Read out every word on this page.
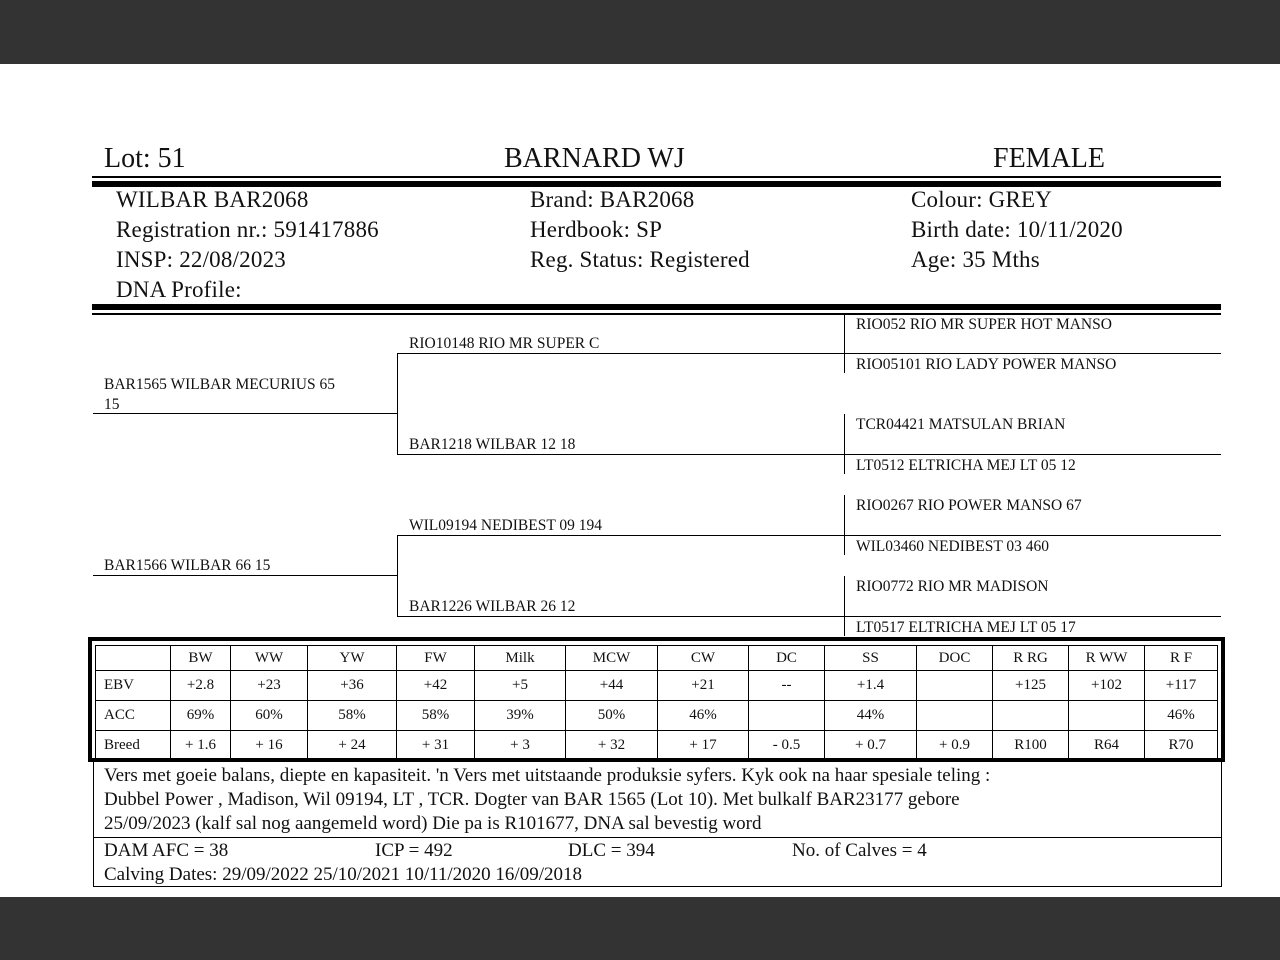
Lot: 51	BARNARD WJ	FEMALE
WILBAR BAR2068
Registration nr.: 591417886
INSP: 22/08/2023
DNA Profile:
Brand: BAR2068
Herdbook: SP
Reg. Status: Registered
Colour: GREY
Birth date: 10/11/2020
Age: 35 Mths
BAR1565 WILBAR MECURIUS 65
15
BAR1566 WILBAR 66 15
RIO10148 RIO MR SUPER C
BAR1218 WILBAR 12 18
WIL09194 NEDIBEST 09 194
BAR1226 WILBAR 26 12
RIO052 RIO MR SUPER HOT MANSO
RIO05101 RIO LADY POWER MANSO
TCR04421 MATSULAN BRIAN
LT0512 ELTRICHA MEJ LT 05 12
RIO0267 RIO POWER MANSO 67
WIL03460 NEDIBEST 03 460
RIO0772 RIO MR MADISON
LT0517 ELTRICHA MEJ LT 05 17
	BW	WW	YW	FW	Milk	MCW	CW	DC	SS	DOC	R RG	R WW	R F
EBV	+2.8	+23	+36	+42	+5	+44	+21	--	+1.4		+125	+102	+117
ACC	69%	60%	58%	58%	39%	50%	46%		44%				46%
Breed	+ 1.6	+ 16	+ 24	+ 31	+ 3	+ 32	+ 17	- 0.5	+ 0.7	+ 0.9	R100	R64	R70
Vers met goeie balans, diepte en kapasiteit. 'n Vers met uitstaande produksie syfers. Kyk ook na haar spesiale teling :
Dubbel Power , Madison, Wil 09194, LT , TCR. Dogter van BAR 1565 (Lot 10). Met bulkalf BAR23177 gebore
25/09/2023 (kalf sal nog aangemeld word) Die pa is R101677, DNA sal bevestig word
DAM AFC = 38	ICP = 492	DLC = 394	No. of Calves = 4
Calving Dates: 29/09/2022 25/10/2021 10/11/2020 16/09/2018
